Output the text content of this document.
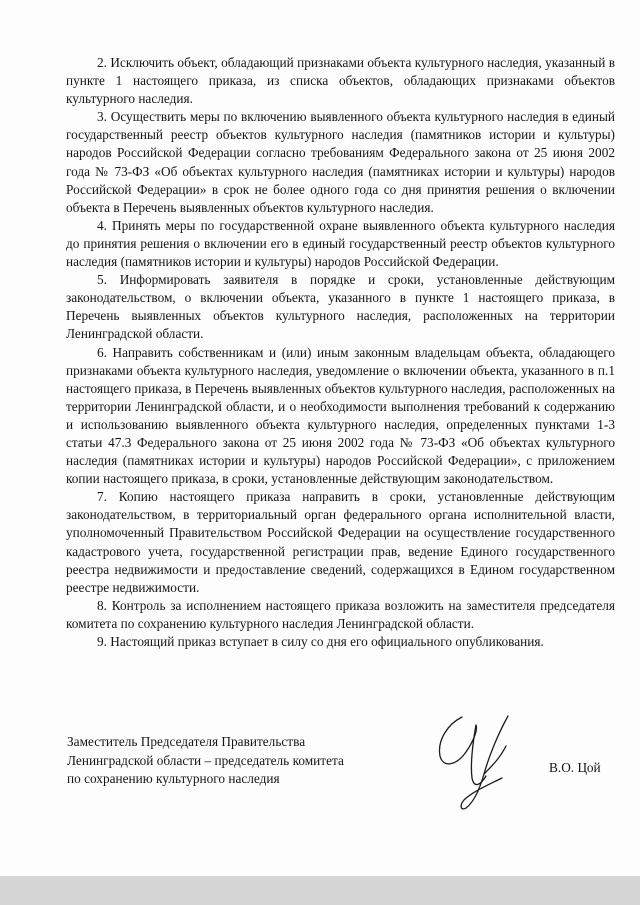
2. Исключить объект, обладающий признаками объекта культурного наследия, указанный в пункте 1 настоящего приказа, из списка объектов, обладающих признаками объектов культурного наследия.

3. Осуществить меры по включению выявленного объекта культурного наследия в единый государственный реестр объектов культурного наследия (памятников истории и культуры) народов Российской Федерации согласно требованиям Федерального закона от 25 июня 2002 года № 73-ФЗ «Об объектах культурного наследия (памятниках истории и культуры) народов Российской Федерации» в срок не более одного года со дня принятия решения о включении объекта в Перечень выявленных объектов культурного наследия.

4. Принять меры по государственной охране выявленного объекта культурного наследия до принятия решения о включении его в единый государственный реестр объектов культурного наследия (памятников истории и культуры) народов Российской Федерации.

5. Информировать заявителя в порядке и сроки, установленные действующим законодательством, о включении объекта, указанного в пункте 1 настоящего приказа, в Перечень выявленных объектов культурного наследия, расположенных на территории Ленинградской области.

6. Направить собственникам и (или) иным законным владельцам объекта, обладающего признаками объекта культурного наследия, уведомление о включении объекта, указанного в п.1 настоящего приказа, в Перечень выявленных объектов культурного наследия, расположенных на территории Ленинградской области, и о необходимости выполнения требований к содержанию и использованию выявленного объекта культурного наследия, определенных пунктами 1-3 статьи 47.3 Федерального закона от 25 июня 2002 года № 73-ФЗ «Об объектах культурного наследия (памятниках истории и культуры) народов Российской Федерации», с приложением копии настоящего приказа, в сроки, установленные действующим законодательством.

7. Копию настоящего приказа направить в сроки, установленные действующим законодательством, в территориальный орган федерального органа исполнительной власти, уполномоченный Правительством Российской Федерации на осуществление государственного кадастрового учета, государственной регистрации прав, ведение Единого государственного реестра недвижимости и предоставление сведений, содержащихся в Едином государственном реестре недвижимости.

8. Контроль за исполнением настоящего приказа возложить на заместителя председателя комитета по сохранению культурного наследия Ленинградской области.

9. Настоящий приказ вступает в силу со дня его официального опубликования.

Заместитель Председателя Правительства
Ленинградской области – председатель комитета
по сохранению культурного наследия
В.О. Цой
